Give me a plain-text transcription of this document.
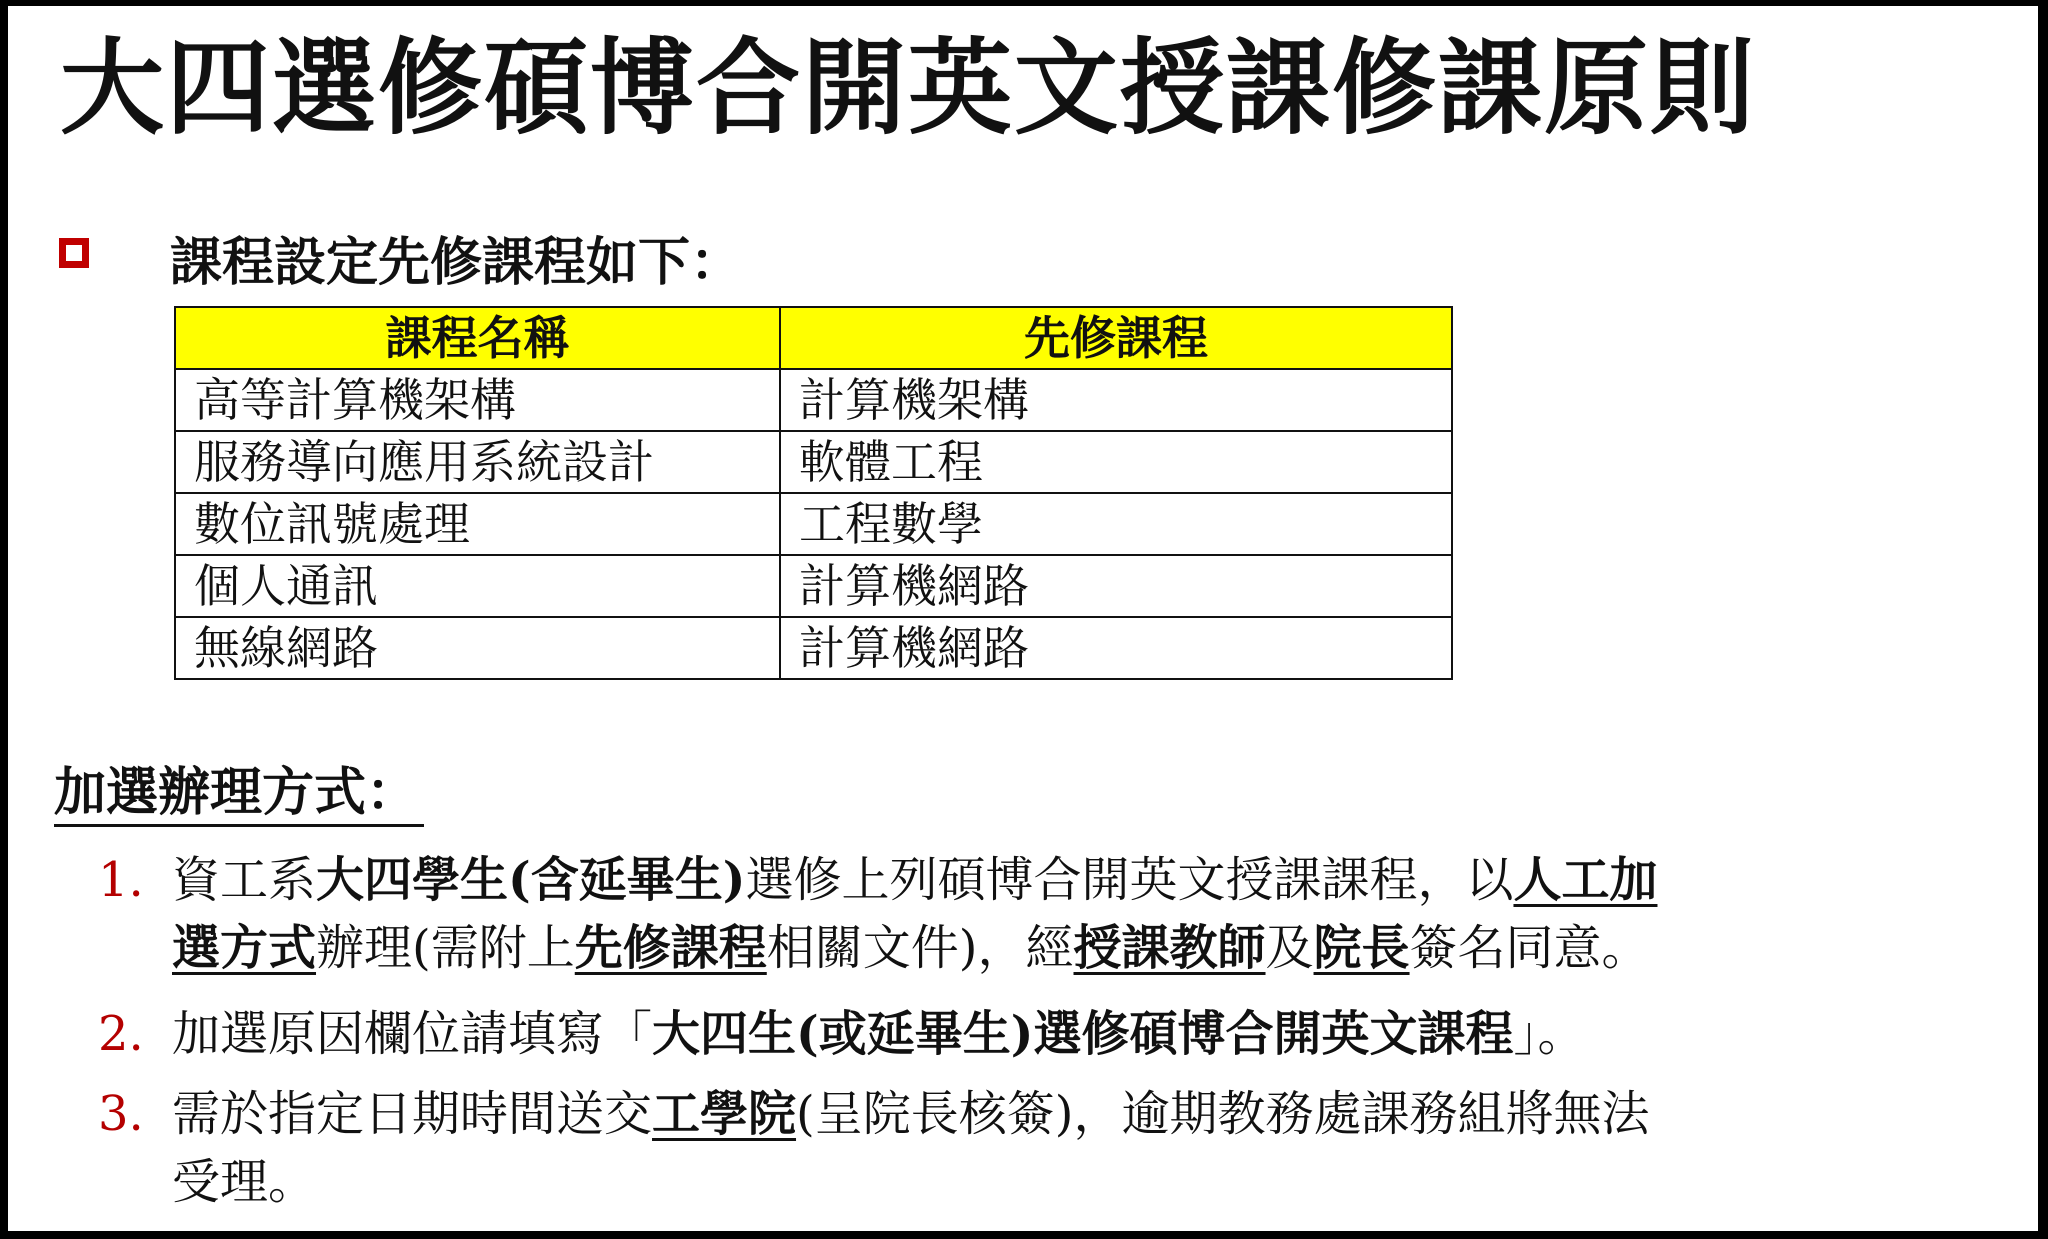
大四選修碩博合開英文授課修課原則
課程設定先修課程如下：
課程名稱	先修課程
高等計算機架構	計算機架構
服務導向應用系統設計	軟體工程
數位訊號處理	工程數學
個人通訊	計算機網路
無線網路	計算機網路
加選辦理方式：
1. 資工系大四學生(含延畢生)選修上列碩博合開英文授課課程，以人工加
選方式辦理(需附上先修課程相關文件)，經授課教師及院長簽名同意。
2. 加選原因欄位請填寫「大四生(或延畢生)選修碩博合開英文課程」。
3. 需於指定日期時間送交工學院(呈院長核簽)，逾期教務處課務組將無法
受理。
